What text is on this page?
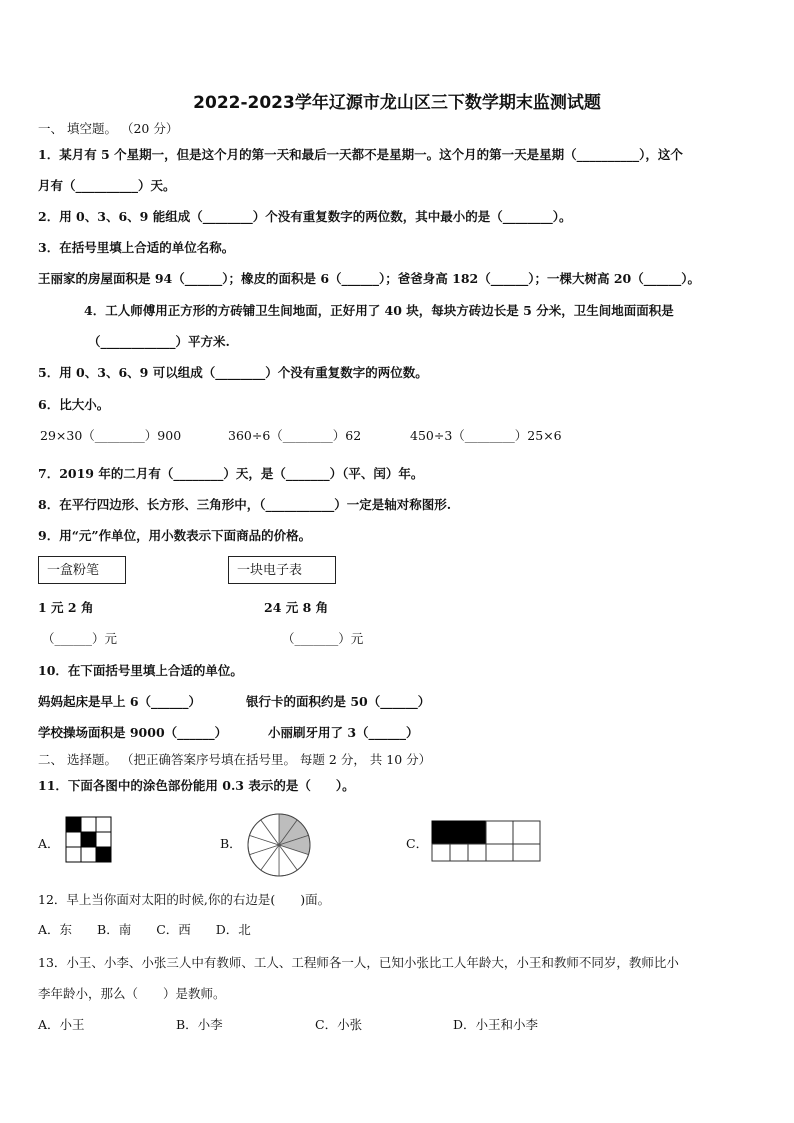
2022-2023学年辽源市龙山区三下数学期末监测试题
一、 填空题。 （20 分）
1．某月有 5 个星期一，但是这个月的第一天和最后一天都不是星期一。这个月的第一天是星期（__________），这个
月有（__________）天。
2．用 0、3、6、9 能组成（________）个没有重复数字的两位数，其中最小的是（________）。
3．在括号里填上合适的单位名称。
王丽家的房屋面积是 94（______）；橡皮的面积是 6（______）；爸爸身高 182（______）；一棵大树高 20（______）。
4．工人师傅用正方形的方砖铺卫生间地面，正好用了 40 块，每块方砖边长是 5 分米，卫生间地面面积是
（____________）平方米.
5．用 0、3、6、9 可以组成（________）个没有重复数字的两位数。
6．比大小。
29×30（________）900	360÷6（________）62	450÷3（________）25×6
7．2019 年的二月有（________）天，是（_______）（平、闰）年。
8．在平行四边形、长方形、三角形中，（___________）一定是轴对称图形.
9．用“元”作单位，用小数表示下面商品的价格。
一盒粉笔	一块电子表
1 元 2 角	24 元 8 角
（______）元	（_______）元
10．在下面括号里填上合适的单位。
妈妈起床是早上 6（______）	银行卡的面积约是 50（______）
学校操场面积是 9000（______）	小丽刷牙用了 3（______）
二、 选择题。 （把正确答案序号填在括号里。 每题 2 分， 共 10 分）
11．下面各图中的涂色部份能用 0.3 表示的是（　　）。
A．	B．	C．
12．早上当你面对太阳的时候,你的右边是(　　)面。
A．东　　B．南　　C．西　　D．北
13．小王、小李、小张三人中有教师、工人、工程师各一人，已知小张比工人年龄大，小王和教师不同岁，教师比小
李年龄小，那么（　　）是教师。
A．小王	B．小李	C．小张	D．小王和小李
